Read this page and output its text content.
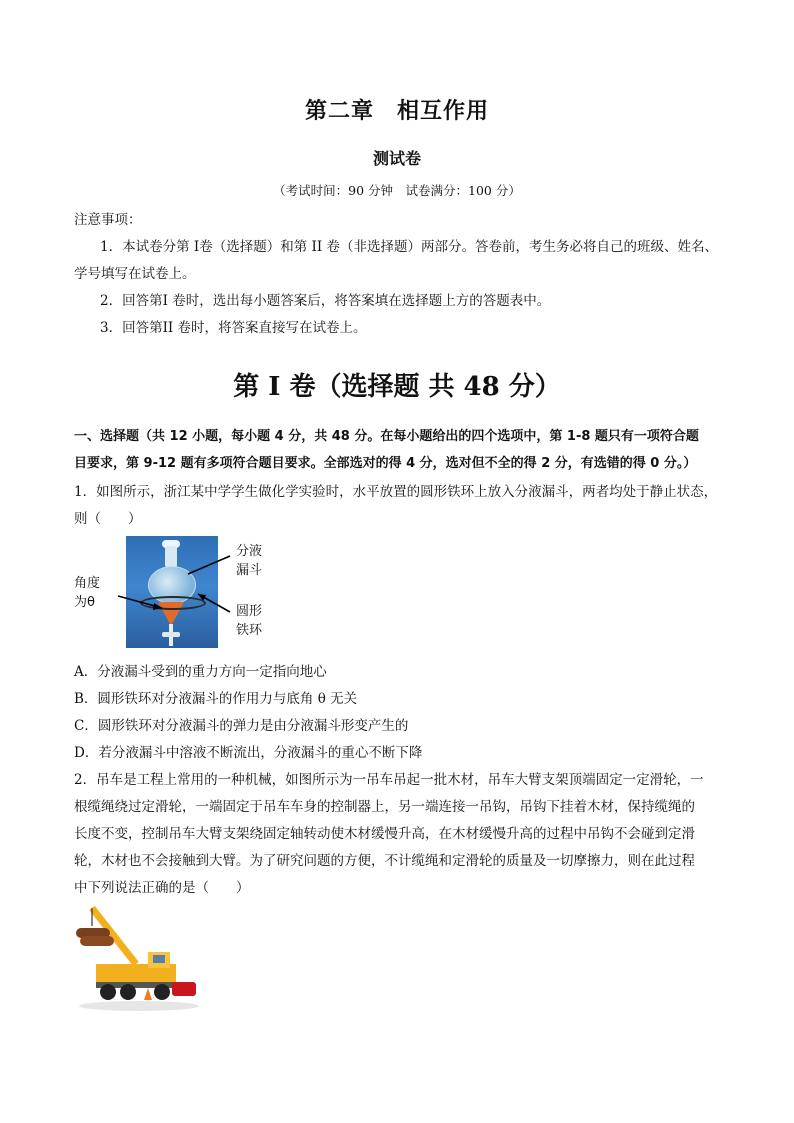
第二章　相互作用
测试卷
（考试时间：90 分钟　试卷满分：100 分）
注意事项：
1．本试卷分第 I卷（选择题）和第 II 卷（非选择题）两部分。答卷前，考生务必将自己的班级、姓名、
学号填写在试卷上。
2．回答第I 卷时，选出每小题答案后，将答案填在选择题上方的答题表中。
3．回答第II 卷时，将答案直接写在试卷上。
第 I 卷（选择题 共 48 分）
一、选择题（共 12 小题，每小题 4 分，共 48 分。在每小题给出的四个选项中，第 1-8 题只有一项符合题
目要求，第 9-12 题有多项符合题目要求。全部选对的得 4 分，选对但不全的得 2 分，有选错的得 0 分。）
1．如图所示，浙江某中学学生做化学实验时，水平放置的圆形铁环上放入分液漏斗，两者均处于静止状态，
则（　　）
分液
漏斗
角度
为θ
圆形
铁环
A．分液漏斗受到的重力方向一定指向地心
B．圆形铁环对分液漏斗的作用力与底角 θ 无关
C．圆形铁环对分液漏斗的弹力是由分液漏斗形变产生的
D．若分液漏斗中溶液不断流出，分液漏斗的重心不断下降
2．吊车是工程上常用的一种机械，如图所示为一吊车吊起一批木材，吊车大臂支架顶端固定一定滑轮，一
根缆绳绕过定滑轮，一端固定于吊车车身的控制器上，另一端连接一吊钩，吊钩下挂着木材，保持缆绳的
长度不变，控制吊车大臂支架绕固定轴转动使木材缓慢升高，在木材缓慢升高的过程中吊钩不会碰到定滑
轮，木材也不会接触到大臂。为了研究问题的方便，不计缆绳和定滑轮的质量及一切摩擦力，则在此过程
中下列说法正确的是（　　）
